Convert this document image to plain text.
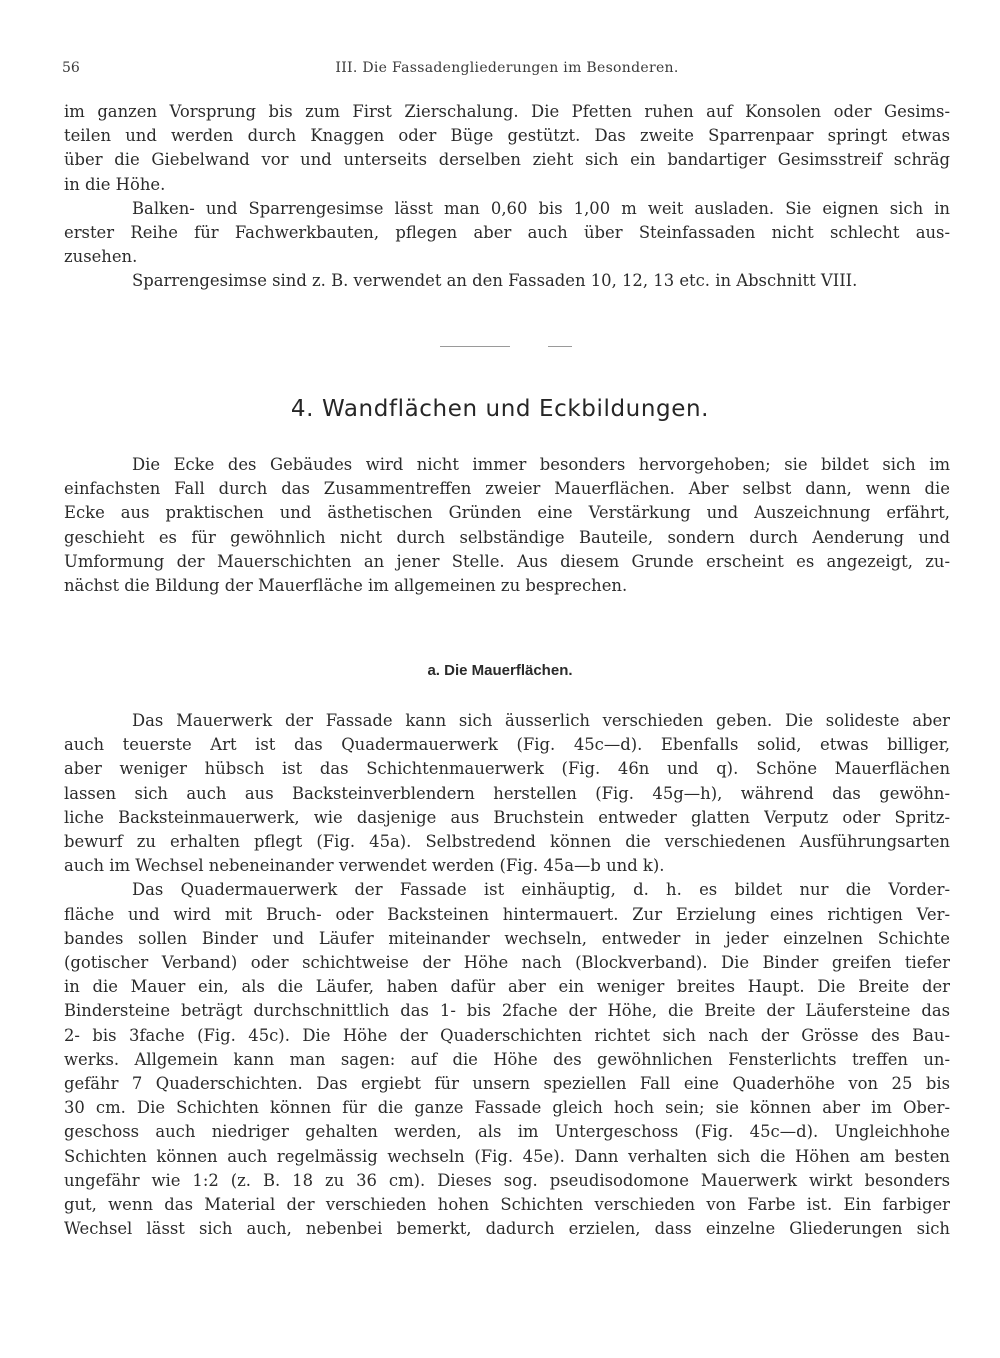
56	III. Die Fassadengliederungen im Besonderen.
im ganzen Vorsprung bis zum First Zierschalung. Die Pfetten ruhen auf Konsolen oder Gesims-
teilen und werden durch Knaggen oder Büge gestützt. Das zweite Sparrenpaar springt etwas
über die Giebelwand vor und unterseits derselben zieht sich ein bandartiger Gesimsstreif schräg
in die Höhe.
Balken- und Sparrengesimse lässt man 0,60 bis 1,00 m weit ausladen. Sie eignen sich in
erster Reihe für Fachwerkbauten, pflegen aber auch über Steinfassaden nicht schlecht aus-
zusehen.
Sparrengesimse sind z. B. verwendet an den Fassaden 10, 12, 13 etc. in Abschnitt VIII.
4. Wandflächen und Eckbildungen.
Die Ecke des Gebäudes wird nicht immer besonders hervorgehoben; sie bildet sich im
einfachsten Fall durch das Zusammentreffen zweier Mauerflächen. Aber selbst dann, wenn die
Ecke aus praktischen und ästhetischen Gründen eine Verstärkung und Auszeichnung erfährt,
geschieht es für gewöhnlich nicht durch selbständige Bauteile, sondern durch Aenderung und
Umformung der Mauerschichten an jener Stelle. Aus diesem Grunde erscheint es angezeigt, zu-
nächst die Bildung der Mauerfläche im allgemeinen zu besprechen.
a. Die Mauerflächen.
Das Mauerwerk der Fassade kann sich äusserlich verschieden geben. Die solideste aber
auch teuerste Art ist das Quadermauerwerk (Fig. 45c—d). Ebenfalls solid, etwas billiger,
aber weniger hübsch ist das Schichtenmauerwerk (Fig. 46n und q). Schöne Mauerflächen
lassen sich auch aus Backsteinverblendern herstellen (Fig. 45g—h), während das gewöhn-
liche Backsteinmauerwerk, wie dasjenige aus Bruchstein entweder glatten Verputz oder Spritz-
bewurf zu erhalten pflegt (Fig. 45a). Selbstredend können die verschiedenen Ausführungsarten
auch im Wechsel nebeneinander verwendet werden (Fig. 45a—b und k).
Das Quadermauerwerk der Fassade ist einhäuptig, d. h. es bildet nur die Vorder-
fläche und wird mit Bruch- oder Backsteinen hintermauert. Zur Erzielung eines richtigen Ver-
bandes sollen Binder und Läufer miteinander wechseln, entweder in jeder einzelnen Schichte
(gotischer Verband) oder schichtweise der Höhe nach (Blockverband). Die Binder greifen tiefer
in die Mauer ein, als die Läufer, haben dafür aber ein weniger breites Haupt. Die Breite der
Bindersteine beträgt durchschnittlich das 1- bis 2fache der Höhe, die Breite der Läufersteine das
2- bis 3fache (Fig. 45c). Die Höhe der Quaderschichten richtet sich nach der Grösse des Bau-
werks. Allgemein kann man sagen: auf die Höhe des gewöhnlichen Fensterlichts treffen un-
gefähr 7 Quaderschichten. Das ergiebt für unsern speziellen Fall eine Quaderhöhe von 25 bis
30 cm. Die Schichten können für die ganze Fassade gleich hoch sein; sie können aber im Ober-
geschoss auch niedriger gehalten werden, als im Untergeschoss (Fig. 45c—d). Ungleichhohe
Schichten können auch regelmässig wechseln (Fig. 45e). Dann verhalten sich die Höhen am besten
ungefähr wie 1:2 (z. B. 18 zu 36 cm). Dieses sog. pseudisodomone Mauerwerk wirkt besonders
gut, wenn das Material der verschieden hohen Schichten verschieden von Farbe ist. Ein farbiger
Wechsel lässt sich auch, nebenbei bemerkt, dadurch erzielen, dass einzelne Gliederungen sich
